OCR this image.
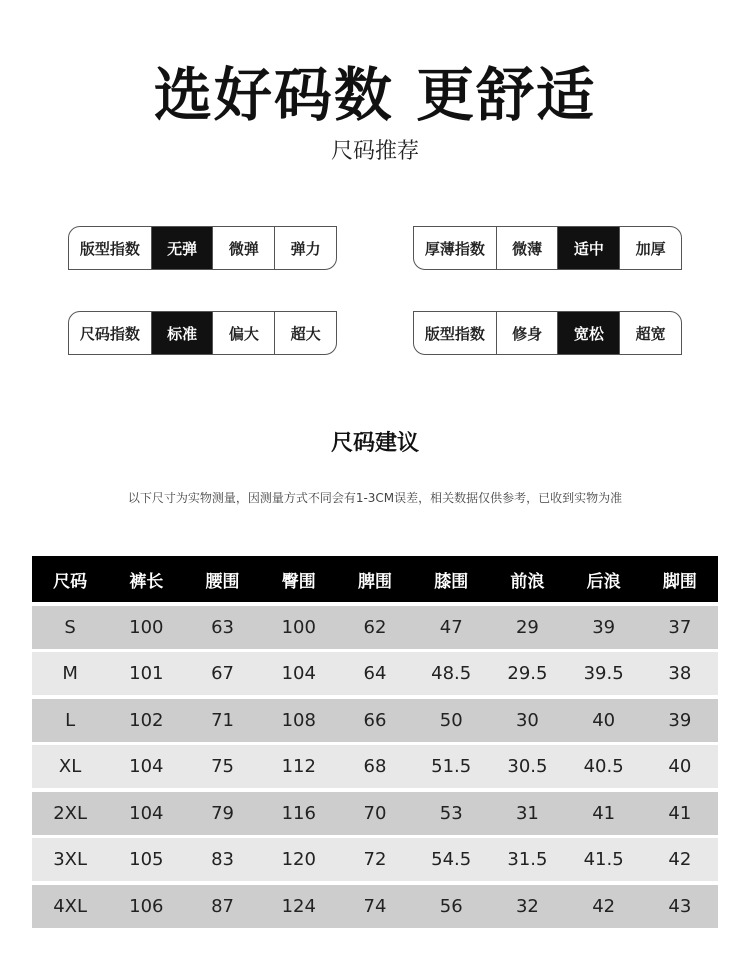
选好码数 更舒适
尺码推荐
版型指数	无弹	微弹	弹力	厚薄指数	微薄	适中	加厚
尺码指数	标准	偏大	超大	版型指数	修身	宽松	超宽
尺码建议
以下尺寸为实物测量，因测量方式不同会有1-3CM误差，相关数据仅供参考，已收到实物为准
尺码	裤长	腰围	臀围	脾围	膝围	前浪	后浪	脚围
S	100	63	100	62	47	29	39	37
M	101	67	104	64	48.5	29.5	39.5	38
L	102	71	108	66	50	30	40	39
XL	104	75	112	68	51.5	30.5	40.5	40
2XL	104	79	116	70	53	31	41	41
3XL	105	83	120	72	54.5	31.5	41.5	42
4XL	106	87	124	74	56	32	42	43
